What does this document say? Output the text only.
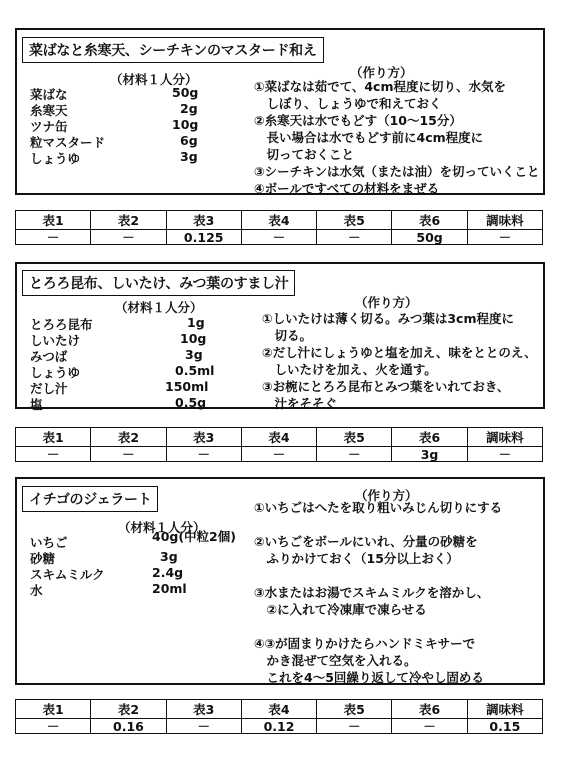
菜ばなと糸寒天、シーチキンのマスタード和え
（材料１人分）
菜ばな	50g
糸寒天	2g
ツナ缶	10g
粒マスタード	6g
しょうゆ	3g
（作り方）
①菜ばなは茹でて、4cm程度に切り、水気を
　しぼり、しょうゆで和えておく
②糸寒天は水でもどす（10～15分）
　長い場合は水でもどす前に4cm程度に
　切っておくこと
③シーチキンは水気（または油）を切っていくこと
④ボールですべての材料をまぜる
表1	表2	表3	表4	表5	表6	調味料
－	－	0.125	－	－	50g	－
とろろ昆布、しいたけ、みつ葉のすまし汁
（材料１人分）
とろろ昆布	1g
しいたけ	10g
みつば	3g
しょうゆ	0.5ml
だし汁	150ml
塩	0.5g
（作り方）
①しいたけは薄く切る。みつ葉は3cm程度に
　切る。
②だし汁にしょうゆと塩を加え、味をととのえ、
　しいたけを加え、火を通す。
③お椀にとろろ昆布とみつ葉をいれておき、
　汁をそそぐ
表1	表2	表3	表4	表5	表6	調味料
－	－	－	－	－	3g	－
イチゴのジェラート
（材料１人分）
いちご	40g(中粒2個)
砂糖	3g
スキムミルク	2.4g
水	20ml
（作り方）
①いちごはへたを取り粗いみじん切りにする
②いちごをボールにいれ、分量の砂糖を
　ふりかけておく（15分以上おく）
③水またはお湯でスキムミルクを溶かし、
　②に入れて冷凍庫で凍らせる
④③が固まりかけたらハンドミキサーで
　かき混ぜて空気を入れる。
　これを4～5回繰り返して冷やし固める
表1	表2	表3	表4	表5	表6	調味料
－	0.16	－	0.12	－	－	0.15
